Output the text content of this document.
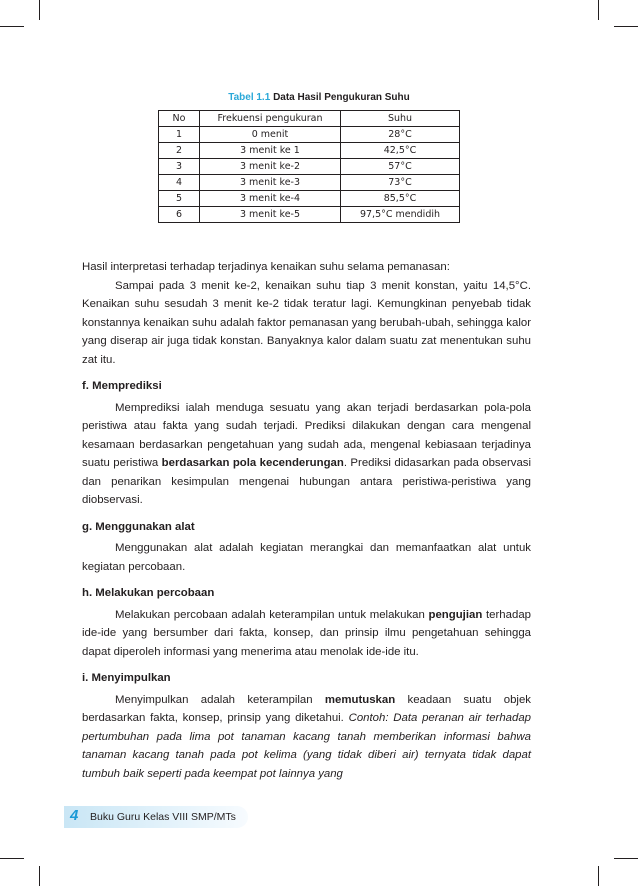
Tabel 1.1 Data Hasil Pengukuran Suhu
No	Frekuensi pengukuran	Suhu
1	0 menit	28°C
2	3 menit ke 1	42,5°C
3	3 menit ke-2	57°C
4	3 menit ke-3	73°C
5	3 menit ke-4	85,5°C
6	3 menit ke-5	97,5°C mendidih

Hasil interpretasi terhadap terjadinya kenaikan suhu selama pemanasan:

Sampai pada 3 menit ke-2, kenaikan suhu tiap 3 menit konstan, yaitu 14,5°C. Kenaikan suhu sesudah 3 menit ke-2 tidak teratur lagi. Kemungkinan penyebab tidak konstannya kenaikan suhu adalah faktor pemanasan yang berubah-ubah, sehingga kalor yang diserap air juga tidak konstan. Banyaknya kalor dalam suatu zat menentukan suhu zat itu.

f. Memprediksi

Memprediksi ialah menduga sesuatu yang akan terjadi berdasarkan pola-pola peristiwa atau fakta yang sudah terjadi. Prediksi dilakukan dengan cara mengenal kesamaan berdasarkan pengetahuan yang sudah ada, mengenal kebiasaan terjadinya suatu peristiwa berdasarkan pola kecenderungan. Prediksi didasarkan pada observasi dan penarikan kesimpulan mengenai hubungan antara peristiwa-peristiwa yang diobservasi.

g. Menggunakan alat

Menggunakan alat adalah kegiatan merangkai dan memanfaatkan alat untuk kegiatan percobaan.

h. Melakukan percobaan

Melakukan percobaan adalah keterampilan untuk melakukan pengujian terhadap ide-ide yang bersumber dari fakta, konsep, dan prinsip ilmu pengetahuan sehingga dapat diperoleh informasi yang menerima atau menolak ide-ide itu.

i. Menyimpulkan

Menyimpulkan adalah keterampilan memutuskan keadaan suatu objek berdasarkan fakta, konsep, prinsip yang diketahui. Contoh: Data peranan air terhadap pertumbuhan pada lima pot tanaman kacang tanah memberikan informasi bahwa tanaman kacang tanah pada pot kelima (yang tidak diberi air) ternyata tidak dapat tumbuh baik seperti pada keempat pot lainnya yang

4 Buku Guru Kelas VIII SMP/MTs
